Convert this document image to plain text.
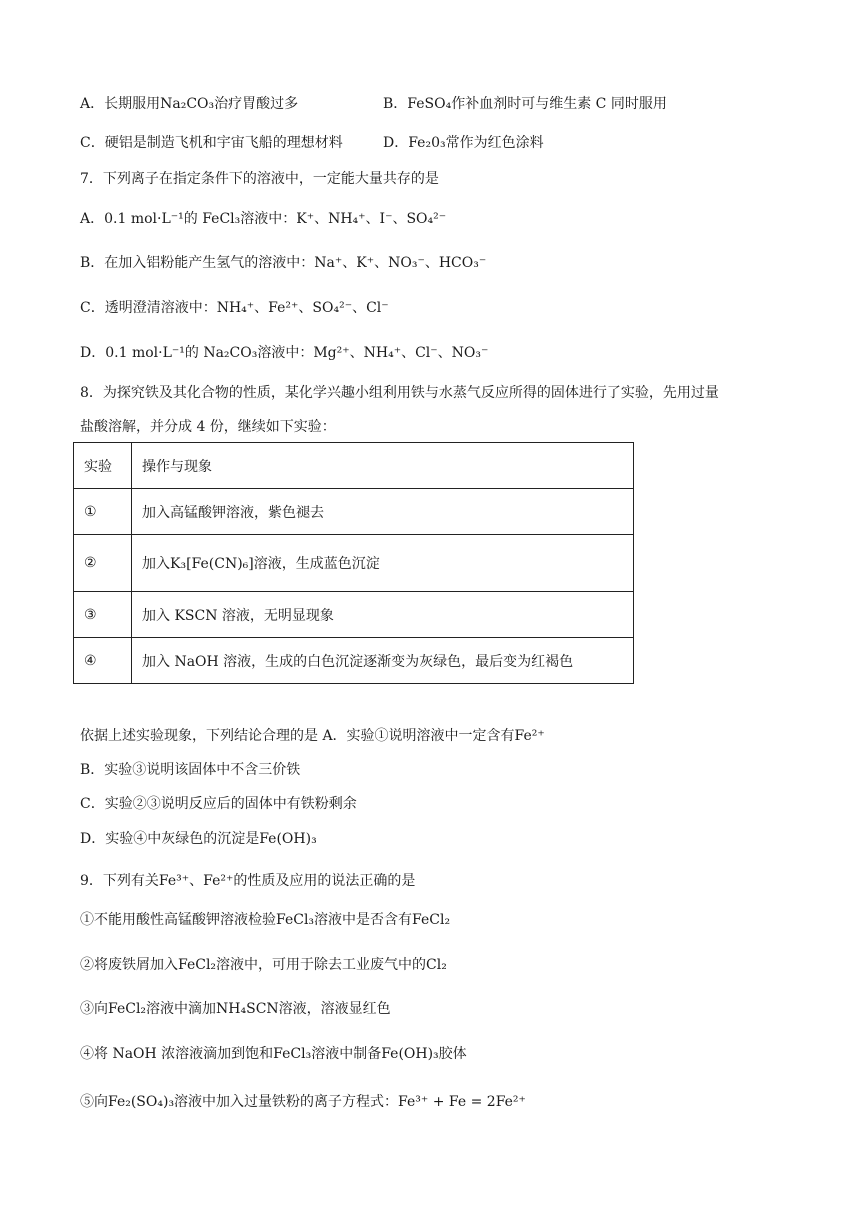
A．长期服用Na₂CO₃治疗胃酸过多	B．FeSO₄作补血剂时可与维生素 C 同时服用
C．硬铝是制造飞机和宇宙飞船的理想材料	D．Fe₂0₃常作为红色涂料
7．下列离子在指定条件下的溶液中，一定能大量共存的是
A．0.1 mol·L⁻¹的 FeCl₃溶液中：K⁺、NH₄⁺、I⁻、SO₄²⁻
B．在加入铝粉能产生氢气的溶液中：Na⁺、K⁺、NO₃⁻、HCO₃⁻
C．透明澄清溶液中：NH₄⁺、Fe²⁺、SO₄²⁻、Cl⁻
D．0.1 mol·L⁻¹的 Na₂CO₃溶液中：Mg²⁺、NH₄⁺、Cl⁻、NO₃⁻
8．为探究铁及其化合物的性质，某化学兴趣小组利用铁与水蒸气反应所得的固体进行了实验，先用过量
盐酸溶解，并分成 4 份，继续如下实验：
实验	操作与现象
①	加入高锰酸钾溶液，紫色褪去
②	加入K₃[Fe(CN)₆]溶液，生成蓝色沉淀
③	加入 KSCN 溶液，无明显现象
④	加入 NaOH 溶液，生成的白色沉淀逐渐变为灰绿色，最后变为红褐色
依据上述实验现象，下列结论合理的是 A．实验①说明溶液中一定含有Fe²⁺
B．实验③说明该固体中不含三价铁
C．实验②③说明反应后的固体中有铁粉剩余
D．实验④中灰绿色的沉淀是Fe(OH)₃
9．下列有关Fe³⁺、Fe²⁺的性质及应用的说法正确的是
①不能用酸性高锰酸钾溶液检验FeCl₃溶液中是否含有FeCl₂
②将废铁屑加入FeCl₂溶液中，可用于除去工业废气中的Cl₂
③向FeCl₂溶液中滴加NH₄SCN溶液，溶液显红色
④将 NaOH 浓溶液滴加到饱和FeCl₃溶液中制备Fe(OH)₃胶体
⑤向Fe₂(SO₄)₃溶液中加入过量铁粉的离子方程式：Fe³⁺ + Fe = 2Fe²⁺
